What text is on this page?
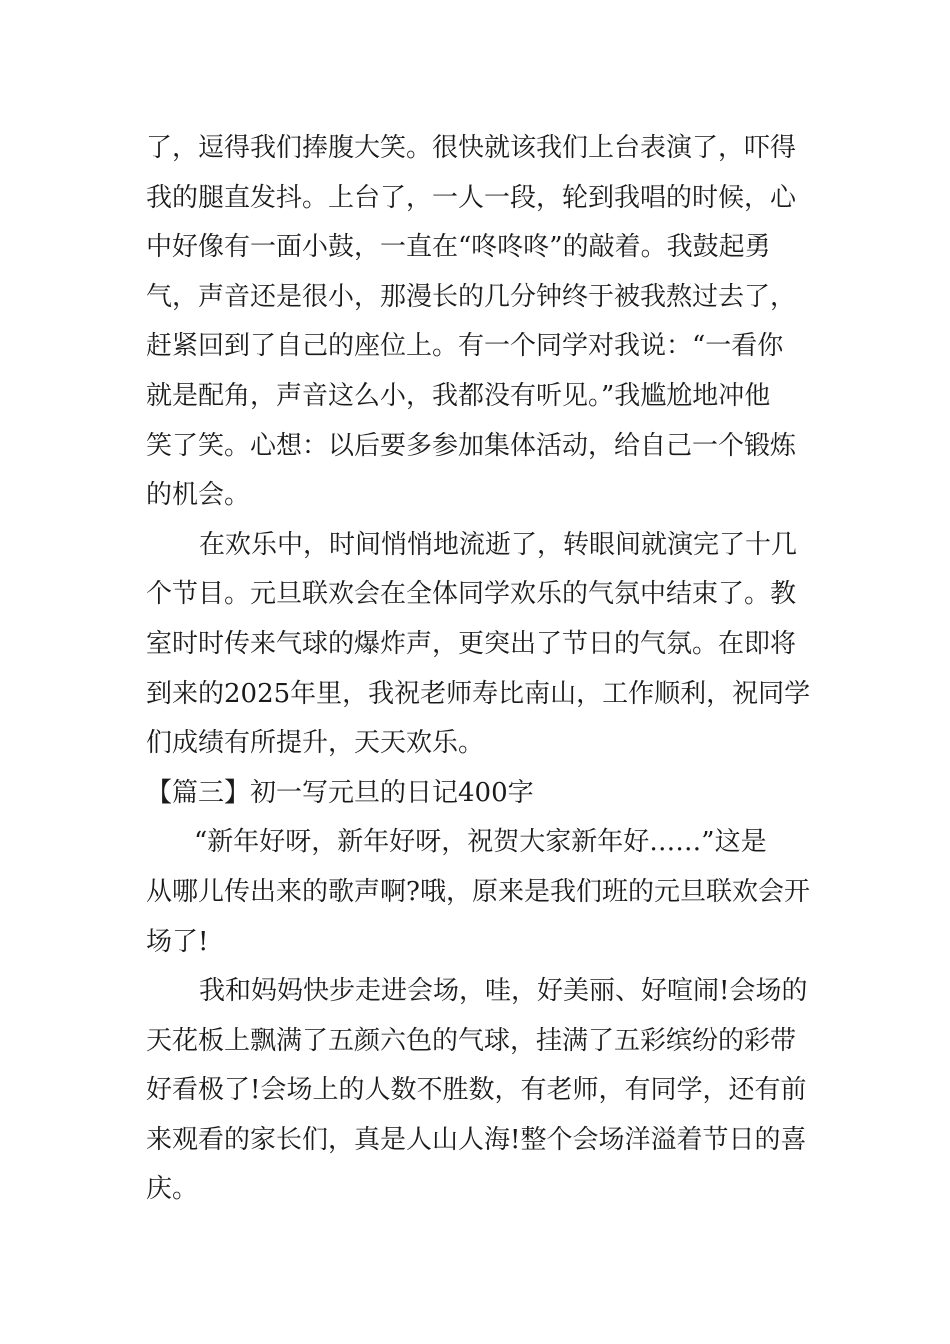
了，逗得我们捧腹大笑。很快就该我们上台表演了，吓得
我的腿直发抖。上台了，一人一段，轮到我唱的时候，心
中好像有一面小鼓，一直在“咚咚咚”的敲着。我鼓起勇
气，声音还是很小，那漫长的几分钟终于被我熬过去了，
赶紧回到了自己的座位上。有一个同学对我说：“一看你
就是配角，声音这么小，我都没有听见。”我尴尬地冲他
笑了笑。心想：以后要多参加集体活动，给自己一个锻炼
的机会。
在欢乐中，时间悄悄地流逝了，转眼间就演完了十几
个节目。元旦联欢会在全体同学欢乐的气氛中结束了。教
室时时传来气球的爆炸声，更突出了节日的气氛。在即将
到来的2025年里，我祝老师寿比南山，工作顺利，祝同学
们成绩有所提升，天天欢乐。
【篇三】初一写元旦的日记400字
“新年好呀，新年好呀，祝贺大家新年好……”这是
从哪儿传出来的歌声啊?哦，原来是我们班的元旦联欢会开
场了!
我和妈妈快步走进会场，哇，好美丽、好喧闹!会场的
天花板上飘满了五颜六色的气球，挂满了五彩缤纷的彩带
好看极了!会场上的人数不胜数，有老师，有同学，还有前
来观看的家长们，真是人山人海!整个会场洋溢着节日的喜
庆。
